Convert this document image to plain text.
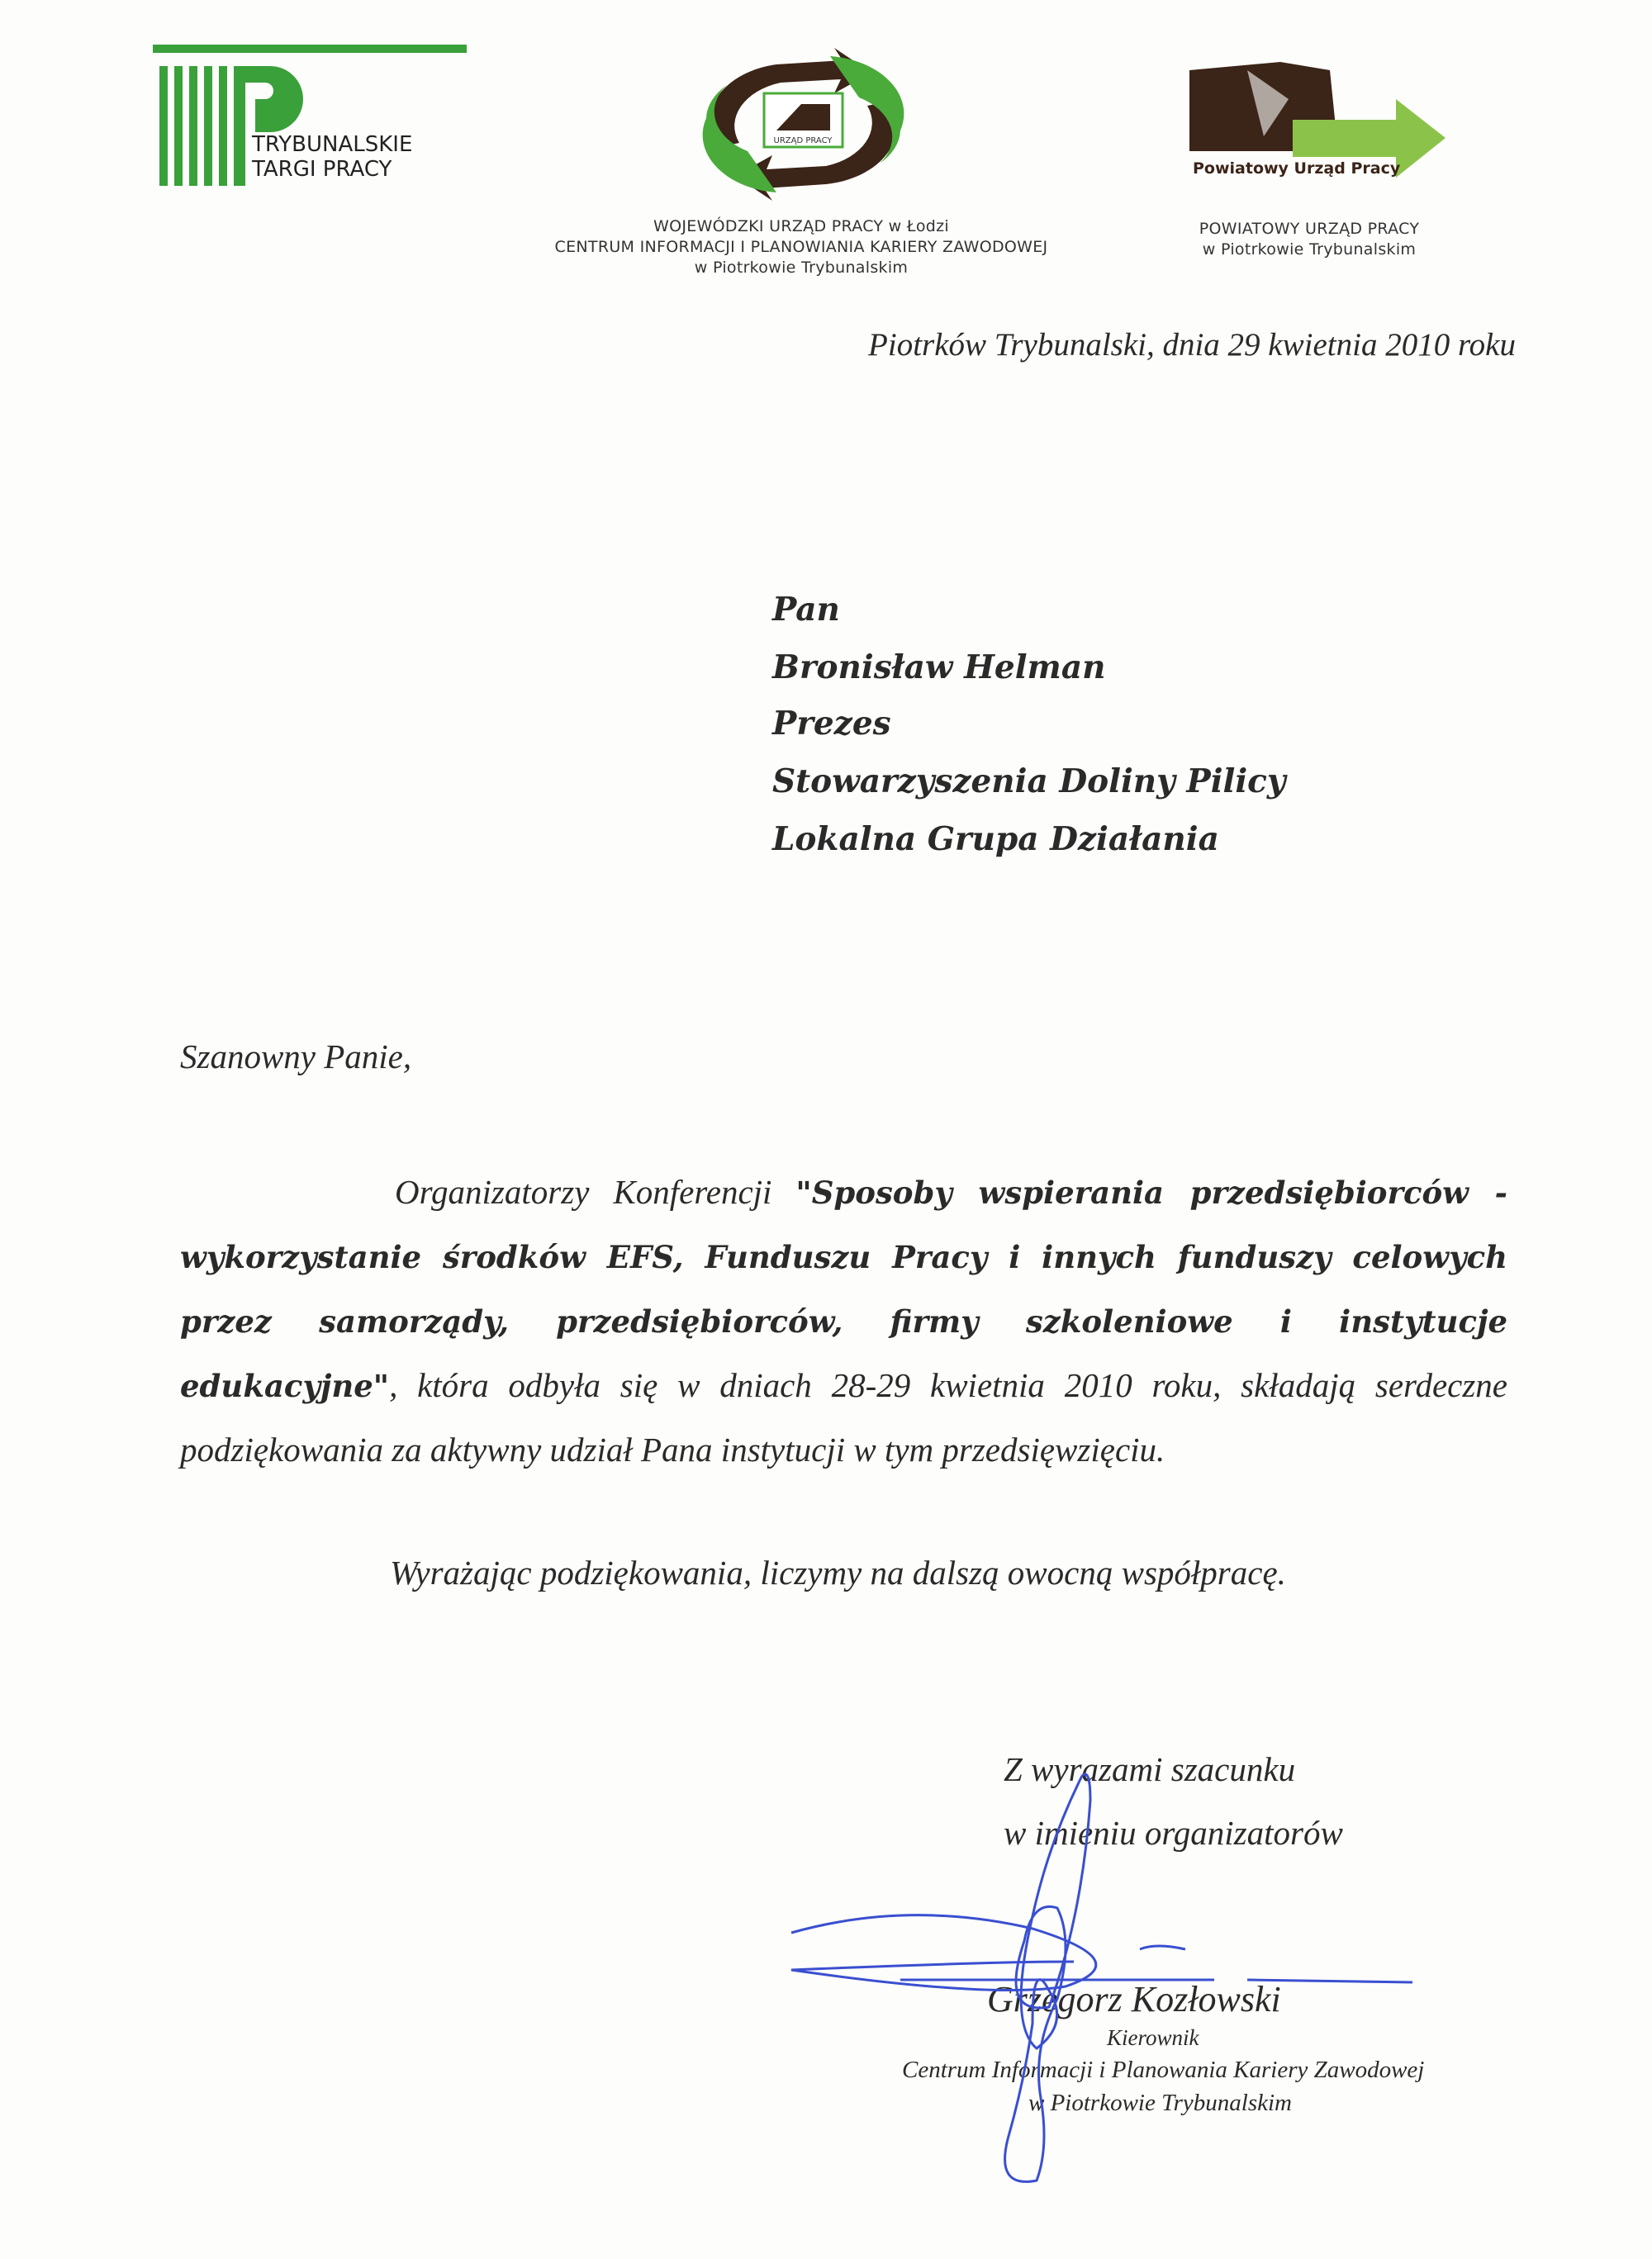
TRYBUNALSKIE
TARGI PRACY
URZĄD PRACY
Powiatowy Urząd Pracy
WOJEWÓDZKI URZĄD PRACY w Łodzi
CENTRUM INFORMACJI I PLANOWIANIA KARIERY ZAWODOWEJ
w Piotrkowie Trybunalskim
POWIATOWY URZĄD PRACY
w Piotrkowie Trybunalskim
Piotrków Trybunalski, dnia 29 kwietnia 2010 roku
Pan
Bronisław Helman
Prezes
Stowarzyszenia Doliny Pilicy
Lokalna Grupa Działania
Szanowny Panie,
Organizatorzy Konferencji "Sposoby wspierania przedsiębiorców - wykorzystanie środków EFS, Funduszu Pracy i innych funduszy celowych przez samorządy, przedsiębiorców, firmy szkoleniowe i instytucje edukacyjne", która odbyła się w dniach 28-29 kwietnia 2010 roku, składają serdeczne podziękowania za aktywny udział Pana instytucji w tym przedsięwzięciu.
Wyrażając podziękowania, liczymy na dalszą owocną współpracę.
Z wyrazami szacunku
w imieniu organizatorów
Grzegorz Kozłowski
Kierownik
Centrum Informacji i Planowania Kariery Zawodowej
w Piotrkowie Trybunalskim
